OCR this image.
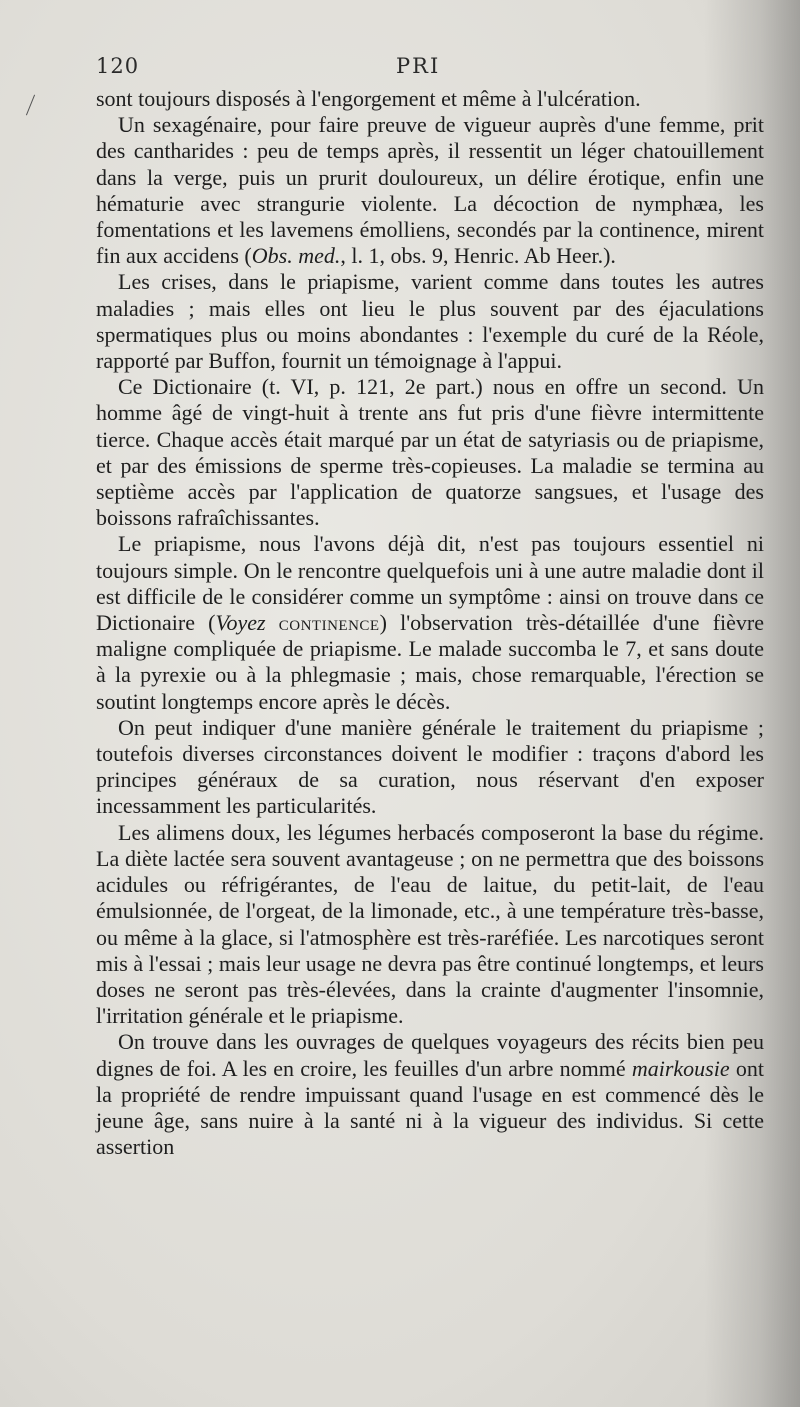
120	PRI

sont toujours disposés à l'engorgement et même à l'ulcération.

Un sexagénaire, pour faire preuve de vigueur auprès d'une femme, prit des cantharides : peu de temps après, il ressentit un léger chatouillement dans la verge, puis un prurit douloureux, un délire érotique, enfin une hématurie avec strangurie violente. La décoction de nymphæa, les fomentations et les lavemens émolliens, secondés par la continence, mirent fin aux accidens (Obs. med., l. 1, obs. 9, Henric. Ab Heer.).

Les crises, dans le priapisme, varient comme dans toutes les autres maladies ; mais elles ont lieu le plus souvent par des éjaculations spermatiques plus ou moins abondantes : l'exemple du curé de la Réole, rapporté par Buffon, fournit un témoignage à l'appui.

Ce Dictionaire (t. VI, p. 121, 2e part.) nous en offre un second. Un homme âgé de vingt-huit à trente ans fut pris d'une fièvre intermittente tierce. Chaque accès était marqué par un état de satyriasis ou de priapisme, et par des émissions de sperme très-copieuses. La maladie se termina au septième accès par l'application de quatorze sangsues, et l'usage des boissons rafraîchissantes.

Le priapisme, nous l'avons déjà dit, n'est pas toujours essentiel ni toujours simple. On le rencontre quelquefois uni à une autre maladie dont il est difficile de le considérer comme un symptôme : ainsi on trouve dans ce Dictionaire (Voyez continence) l'observation très-détaillée d'une fièvre maligne compliquée de priapisme. Le malade succomba le 7, et sans doute à la pyrexie ou à la phlegmasie ; mais, chose remarquable, l'érection se soutint longtemps encore après le décès.

On peut indiquer d'une manière générale le traitement du priapisme ; toutefois diverses circonstances doivent le modifier : traçons d'abord les principes généraux de sa curation, nous réservant d'en exposer incessamment les particularités.

Les alimens doux, les légumes herbacés composeront la base du régime. La diète lactée sera souvent avantageuse ; on ne permettra que des boissons acidules ou réfrigérantes, de l'eau de laitue, du petit-lait, de l'eau émulsionnée, de l'orgeat, de la limonade, etc., à une température très-basse, ou même à la glace, si l'atmosphère est très-raréfiée. Les narcotiques seront mis à l'essai ; mais leur usage ne devra pas être continué longtemps, et leurs doses ne seront pas très-élevées, dans la crainte d'augmenter l'insomnie, l'irritation générale et le priapisme.

On trouve dans les ouvrages de quelques voyageurs des récits bien peu dignes de foi. A les en croire, les feuilles d'un arbre nommé mairkousie ont la propriété de rendre impuissant quand l'usage en est commencé dès le jeune âge, sans nuire à la santé ni à la vigueur des individus. Si cette assertion
